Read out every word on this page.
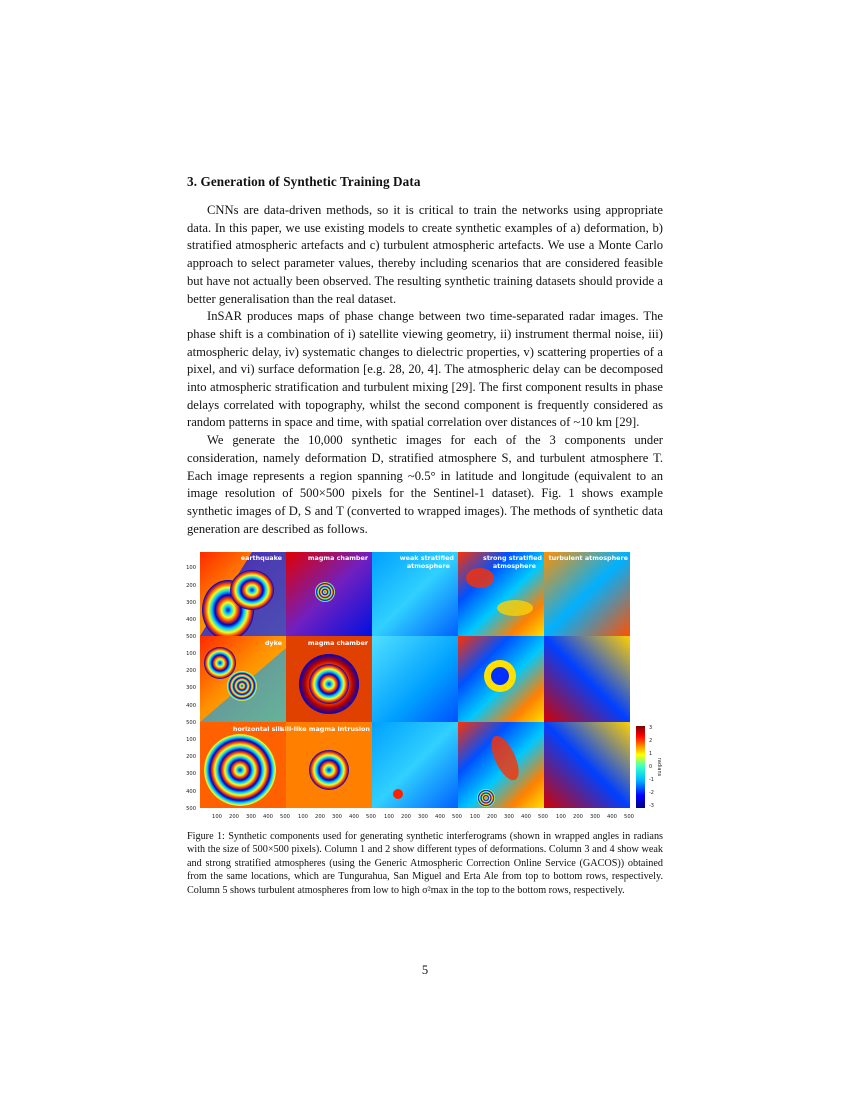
3. Generation of Synthetic Training Data

CNNs are data-driven methods, so it is critical to train the networks using appropriate data. In this paper, we use existing models to create synthetic examples of a) deformation, b) stratified atmospheric artefacts and c) turbulent atmospheric artefacts. We use a Monte Carlo approach to select parameter values, thereby including scenarios that are considered feasible but have not actually been observed. The resulting synthetic training datasets should provide a better generalisation than the real dataset.

InSAR produces maps of phase change between two time-separated radar images. The phase shift is a combination of i) satellite viewing geometry, ii) instrument thermal noise, iii) atmospheric delay, iv) systematic changes to dielectric properties, v) scattering properties of a pixel, and vi) surface deformation [e.g. 28, 20, 4]. The atmospheric delay can be decomposed into atmospheric stratification and turbulent mixing [29]. The first component results in phase delays correlated with topography, whilst the second component is frequently considered as random patterns in space and time, with spatial correlation over distances of ~10 km [29].

We generate the 10,000 synthetic images for each of the 3 components under consideration, namely deformation D, stratified atmosphere S, and turbulent atmosphere T. Each image represents a region spanning ~0.5° in latitude and longitude (equivalent to an image resolution of 500×500 pixels for the Sentinel-1 dataset). Fig. 1 shows example synthetic images of D, S and T (converted to wrapped images). The methods of synthetic data generation are described as follows.

earthquake	magma chamber	weak stratified
atmosphere
strong stratified
atmosphere
turbulent atmosphere
dyke	magma chamber
horizontal sill
sill-like magma intrusion
100
200
300
400
500
100
200
300
400
500
100
200
300
400
500
100 200 300 400 500 100 200 300 400 500 100 200 300 400 500 100 200 300 400 500 100 200 300 400 500
3
2
1
0
-1
-2
-3
radians

Figure 1: Synthetic components used for generating synthetic interferograms (shown in wrapped angles in radians with the size of 500×500 pixels). Column 1 and 2 show different types of deformations. Column 3 and 4 show weak and strong stratified atmospheres (using the Generic Atmospheric Correction Online Service (GACOS)) obtained from the same locations, which are Tungurahua, San Miguel and Erta Ale from top to bottom rows, respectively. Column 5 shows turbulent atmospheres from low to high σ²max in the top to the bottom rows, respectively.

5
